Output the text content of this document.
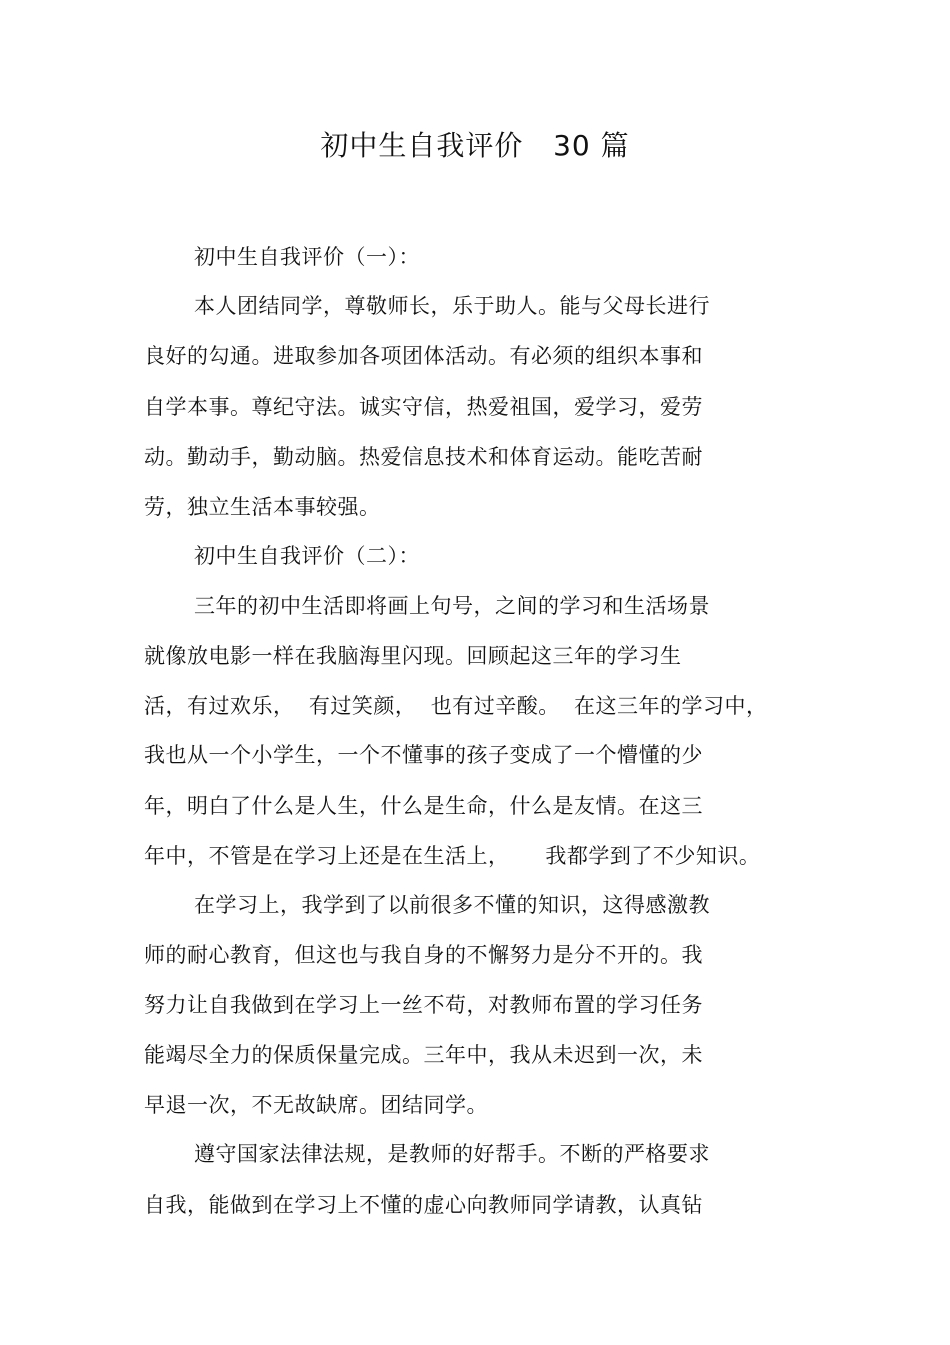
初中生自我评价   30 篇
初中生自我评价（一）：
本人团结同学，尊敬师长，乐于助人。能与父母长进行
良好的勾通。进取参加各项团体活动。有必须的组织本事和
自学本事。尊纪守法。诚实守信，热爱祖国，爱学习，爱劳
动。勤动手，勤动脑。热爱信息技术和体育运动。能吃苦耐
劳，独立生活本事较强。
初中生自我评价（二）：
三年的初中生活即将画上句号，之间的学习和生活场景
就像放电影一样在我脑海里闪现。回顾起这三年的学习生
活，有过欢乐，  有过笑颜，  也有过辛酸。  在这三年的学习中，
我也从一个小学生，一个不懂事的孩子变成了一个懵懂的少
年，明白了什么是人生，什么是生命，什么是友情。在这三
年中，不管是在学习上还是在生活上，     我都学到了不少知识。
在学习上，我学到了以前很多不懂的知识，这得感激教
师的耐心教育，但这也与我自身的不懈努力是分不开的。我
努力让自我做到在学习上一丝不苟，对教师布置的学习任务
能竭尽全力的保质保量完成。三年中，我从未迟到一次，未
早退一次，不无故缺席。团结同学。
遵守国家法律法规，是教师的好帮手。不断的严格要求
自我，能做到在学习上不懂的虚心向教师同学请教，认真钻
